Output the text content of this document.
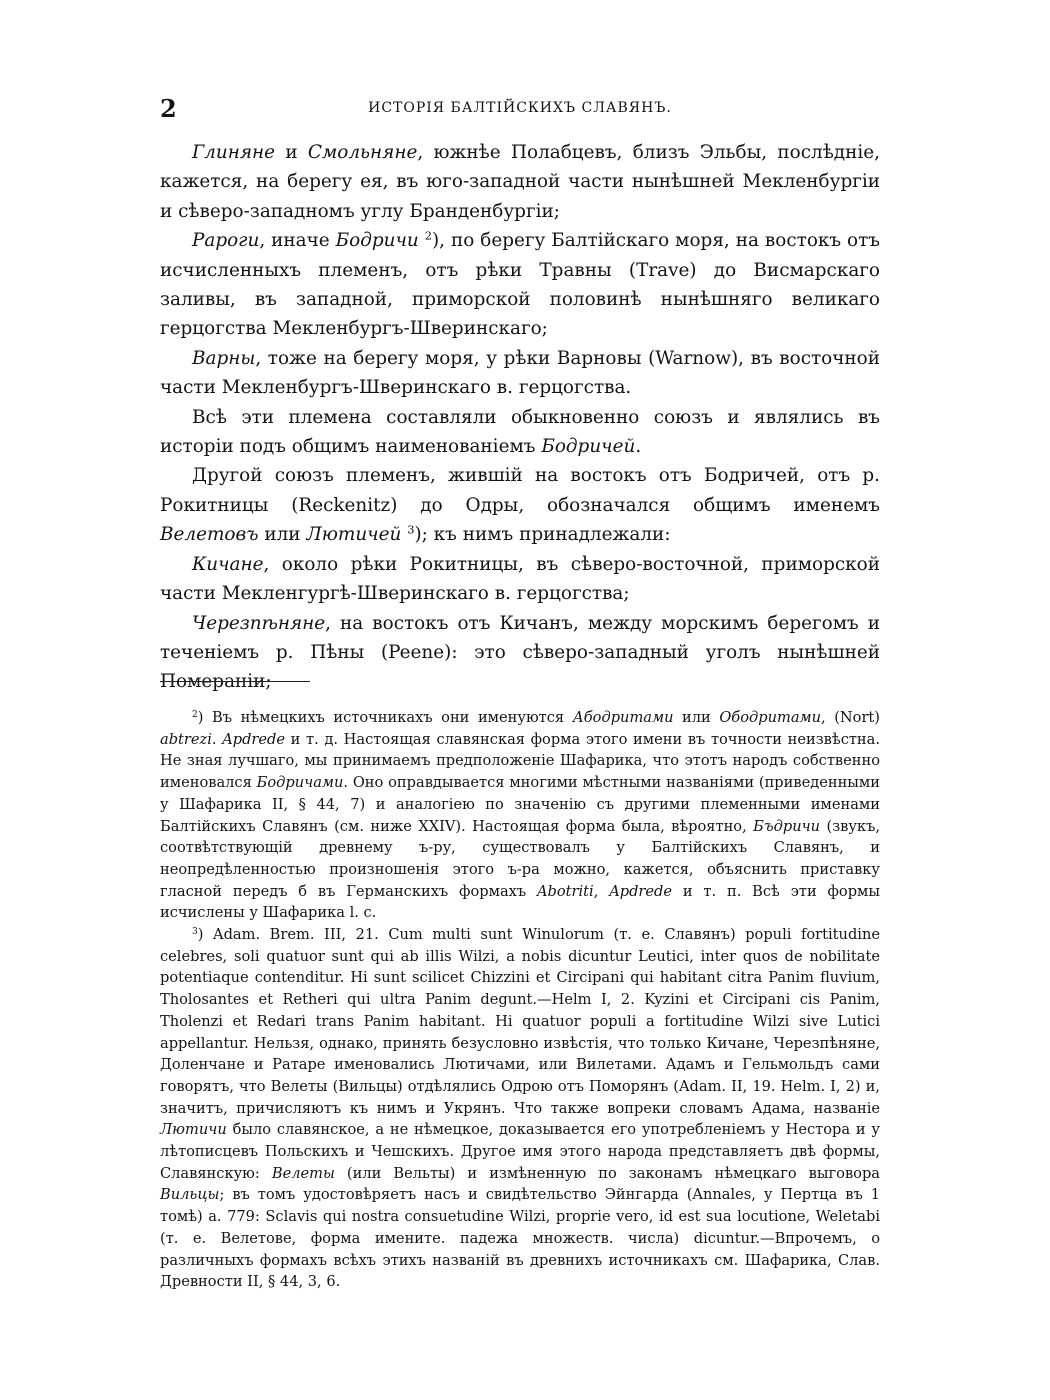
2	ИСТОРІЯ БАЛТІЙСКИХЪ СЛАВЯНЪ.

Глиняне и Смольняне, южнѣе Полабцевъ, близъ Эльбы, послѣдніе, кажется, на берегу ея, въ юго-западной части нынѣшней Мекленбургіи и сѣверо-западномъ углу Бранденбургіи;

Рароги, иначе Бодричи $^2$), по берегу Балтійскаго моря, на востокъ отъ исчисленныхъ племенъ, отъ рѣки Травны (Trave) до Висмарскаго заливы, въ западной, приморской половинѣ нынѣшняго великаго герцогства Мекленбургъ-Шверинскаго;

Варны, тоже на берегу моря, у рѣки Варновы (Warnow), въ восточной части Мекленбургъ-Шверинскаго в. герцогства.

Всѣ эти племена составляли обыкновенно союзъ и являлись въ исторіи подъ общимъ наименованіемъ Бодричей.

Другой союзъ племенъ, жившій на востокъ отъ Бодричей, отъ р. Рокитницы (Reckenitz) до Одры, обозначался общимъ именемъ Велетовъ или Лютичей $^3$); къ нимъ принадлежали:

Кичане, около рѣки Рокитницы, въ сѣверо-восточной, приморской части Мекленгургѣ-Шверинскаго в. герцогства;

Черезпѣняне, на востокъ отъ Кичанъ, между морскимъ берегомъ и теченіемъ р. Пѣны (Peene): это сѣверо-западный уголъ нынѣшней Помераніи;

$^2$) Въ нѣмецкихъ источникахъ они именуются Абодритами или Ободритами, (Nort) abtrezi. Apdrede и т. д. Настоящая славянская форма этого имени въ точности неизвѣстна. Не зная лучшаго, мы принимаемъ предположеніе Шафарика, что этотъ народъ собственно именовался Бодричами. Оно оправдывается многими мѣстными названіями (приведенными у Шафарика II, § 44, 7) и аналогіею по значенію съ другими племенными именами Балтійскихъ Славянъ (см. ниже XXIV). Настоящая форма была, вѣроятно, Бъдричи (звукъ, соотвѣтствующій древнему ъ-ру, существовалъ у Балтійскихъ Славянъ, и неопредѣленностью произношенія этого ъ-ра можно, кажется, объяснить приставку гласной передъ б въ Германскихъ формахъ Abotriti, Apdrede и т. п. Всѣ эти формы исчислены у Шафарика l. c.

$^3$) Adam. Brem. III, 21. Cum multi sunt Winulorum (т. е. Славянъ) populi fortitudine celebres, soli quatuor sunt qui ab illis Wilzi, a nobis dicuntur Leutici, inter quos de nobilitate potentiaque contenditur. Hi sunt scilicet Chizzini et Circipani qui habitant citra Panim fluvium, Tholosantes et Retheri qui ultra Panim degunt.—Helm I, 2. Kyzini et Circipani cis Panim, Tholenzi et Redari trans Panim habitant. Hi quatuor populi a fortitudine Wilzi sive Lutici appellantur. Нельзя, однако, принять безусловно извѣстія, что только Кичане, Черезпѣняне, Доленчане и Ратаре именовались Лютичами, или Вилетами. Адамъ и Гельмольдъ сами говорятъ, что Велеты (Вильцы) отдѣлялись Одрою отъ Поморянъ (Adam. II, 19. Helm. I, 2) и, значитъ, причисляютъ къ нимъ и Укрянъ. Что также вопреки словамъ Адама, названіе Лютичи было славянское, а не нѣмецкое, доказывается его употребленіемъ у Нестора и у лѣтописцевъ Польскихъ и Чешскихъ. Другое имя этого народа представляетъ двѣ формы, Славянскую: Велеты (или Вельты) и измѣненную по законамъ нѣмецкаго выговора Вильцы; въ томъ удостовѣряетъ насъ и свидѣтельство Эйнгарда (Annales, у Пертца въ 1 томѣ) а. 779: Sclavis qui nostra consuetudine Wilzi, proprie vero, id est sua locutione, Weletabi (т. е. Велетове, форма имените. падежа множеств. числа) dicuntur.—Впрочемъ, о различныхъ формахъ всѣхъ этихъ названій въ древнихъ источникахъ см. Шафарика, Слав. Древности II, § 44, 3, 6.
